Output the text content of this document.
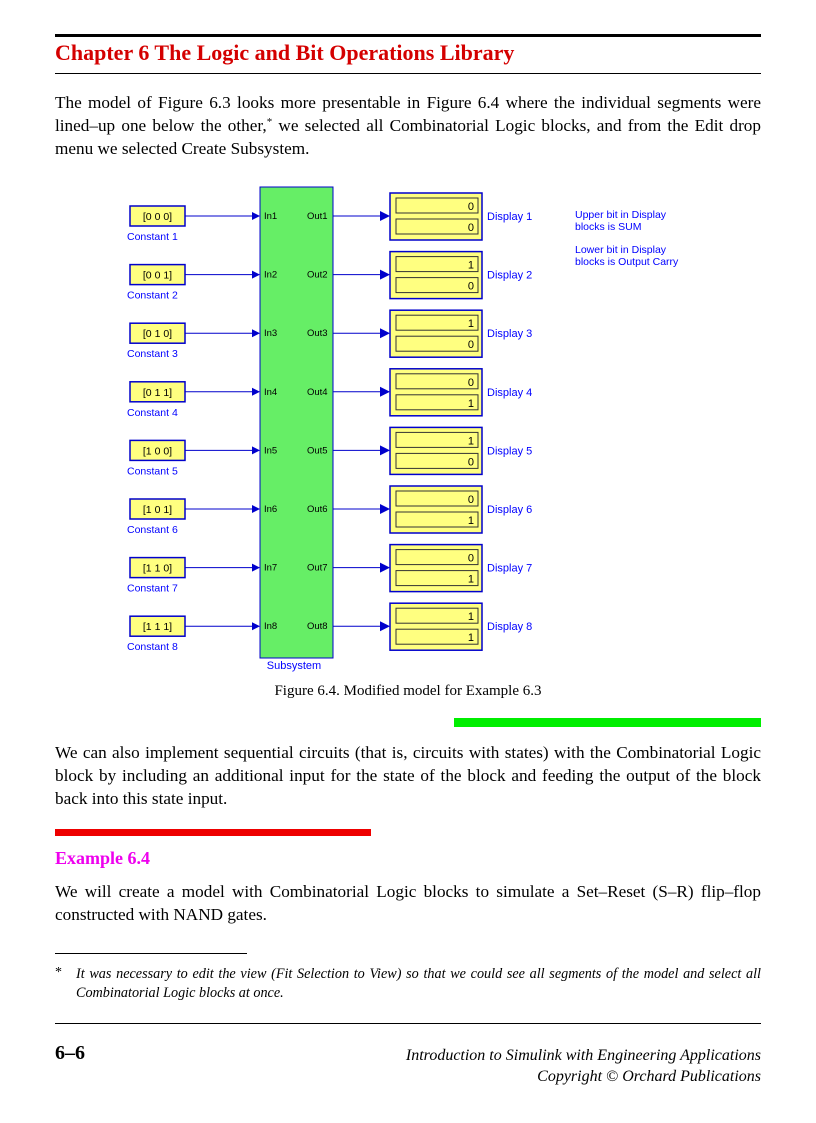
Chapter 6 The Logic and Bit Operations Library

The model of Figure 6.3 looks more presentable in Figure 6.4 where the individual segments were lined–up one below the other,* we selected all Combinatorial Logic blocks, and from the Edit drop menu we selected Create Subsystem.

Subsystem
[0 0 0]
Constant 1
In1	Out1
[0 0 1]
Constant 2
In2	Out2
[0 1 0]
Constant 3
In3	Out3
[0 1 1]
Constant 4
In4	Out4
[1 0 0]
Constant 5
In5	Out5
[1 0 1]
Constant 6
In6	Out6
[1 1 0]
Constant 7
In7	Out7
[1 1 1]
Constant 8
In8	Out8
0
0
Display 1
1
0
Display 2
1
0
Display 3
0
1
Display 4
1
0
Display 5
0
1
Display 6
0
1
Display 7
1
1
Display 8
Upper bit in Display
blocks is SUM
Lower bit in Display
blocks is Output Carry

Figure 6.4. Modified model for Example 6.3

We can also implement sequential circuits (that is, circuits with states) with the Combinatorial Logic block by including an additional input for the state of the block and feeding the output of the block back into this state input.

Example 6.4

We will create a model with Combinatorial Logic blocks to simulate a Set–Reset (S–R) flip–flop constructed with NAND gates.

* It was necessary to edit the view (Fit Selection to View) so that we could see all segments of the model and select all Combinatorial Logic blocks at once.

6–6	Introduction to Simulink with Engineering Applications
Copyright © Orchard Publications
